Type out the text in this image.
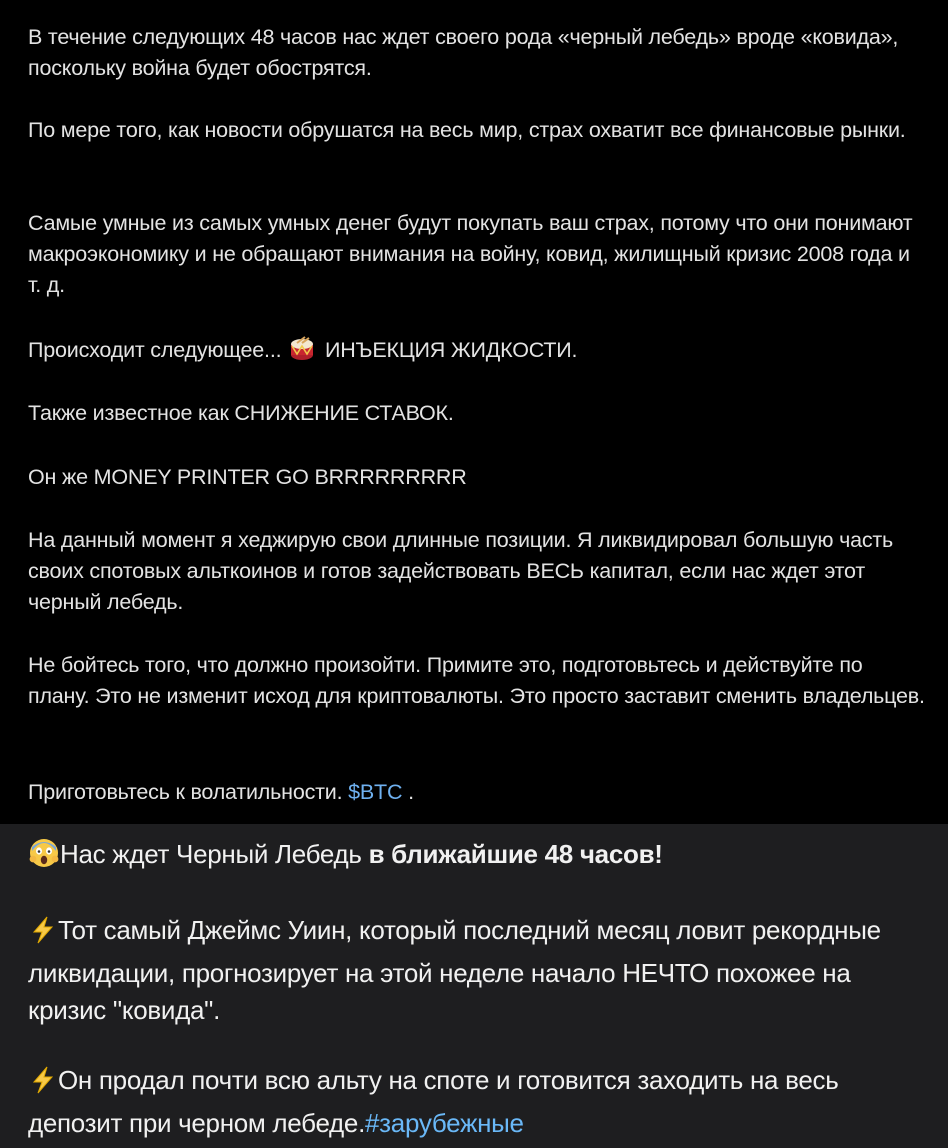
В течение следующих 48 часов нас ждет своего рода «черный лебедь» вроде «ковида», поскольку война будет обострятся.

По мере того, как новости обрушатся на весь мир, страх охватит все финансовые рынки.

Самые умные из самых умных денег будут покупать ваш страх, потому что они понимают макроэкономику и не обращают внимания на войну, ковид, жилищный кризис 2008 года и т. д.

Происходит следующее... ИНЪЕКЦИЯ ЖИДКОСТИ.

Также известное как СНИЖЕНИЕ СТАВОК.

Он же MONEY PRINTER GO BRRRRRRRRR

На данный момент я хеджирую свои длинные позиции. Я ликвидировал большую часть своих спотовых альткоинов и готов задействовать ВЕСЬ капитал, если нас ждет этот черный лебедь.

Не бойтесь того, что должно произойти. Примите это, подготовьтесь и действуйте по плану. Это не изменит исход для криптовалюты. Это просто заставит сменить владельцев.

Приготовьтесь к волатильности. $BTC .

Нас ждет Черный Лебедь в ближайшие 48 часов!

Тот самый Джеймс Уиин, который последний месяц ловит рекордные ликвидации, прогнозирует на этой неделе начало НЕЧТО похожее на кризис "ковида".

Он продал почти всю альту на споте и готовится заходить на весь депозит при черном лебеде.#зарубежные
